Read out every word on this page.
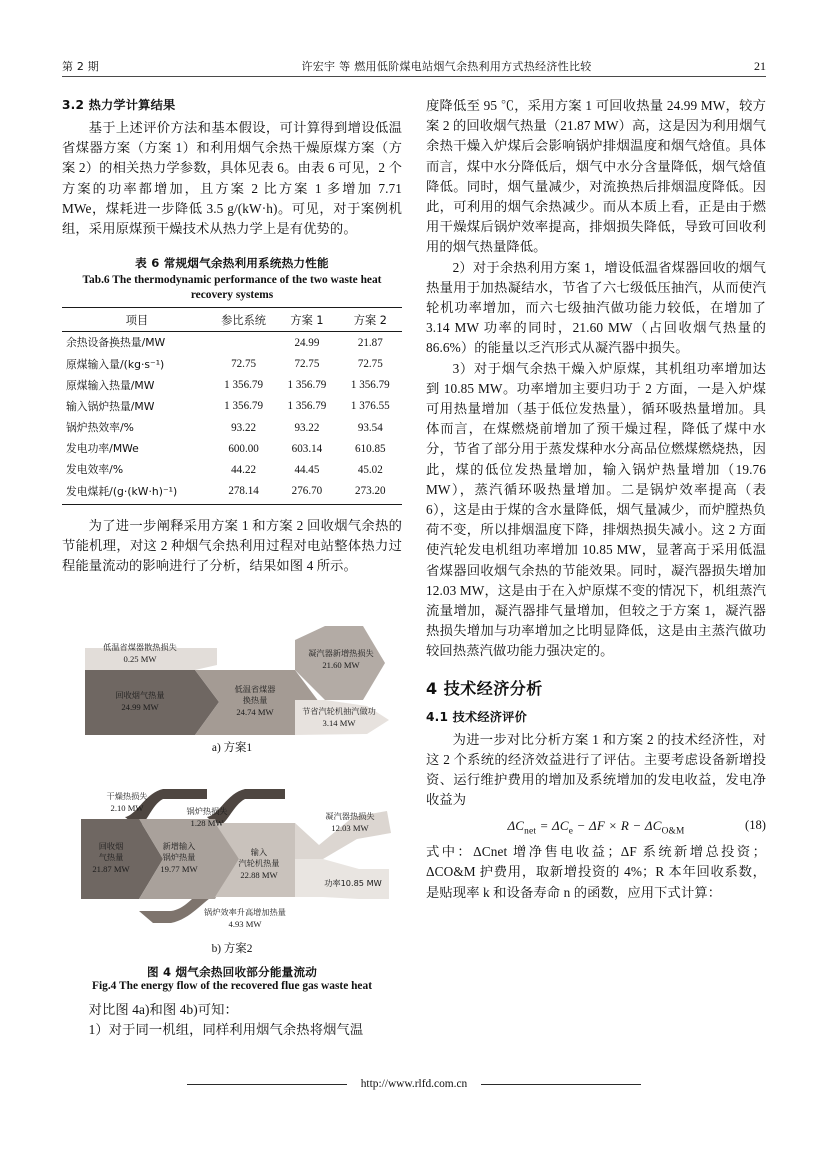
第 2 期	许宏宇 等 燃用低阶煤电站烟气余热利用方式热经济性比较	21
3.2 热力学计算结果

基于上述评价方法和基本假设，可计算得到增设低温省煤器方案（方案 1）和利用烟气余热干燥原煤方案（方案 2）的相关热力学参数，具体见表 6。由表 6 可见，2 个方案的功率都增加，且方案 2 比方案 1 多增加 7.71 MWe，煤耗进一步降低 3.5 g/(kW·h)。可见，对于案例机组，采用原煤预干燥技术从热力学上是有优势的。

表 6 常规烟气余热利用系统热力性能
Tab.6 The thermodynamic performance of the two waste heat recovery systems
项目	参比系统	方案 1	方案 2
余热设备换热量/MW		24.99	21.87
原煤输入量/(kg·s⁻¹)	72.75	72.75	72.75
原煤输入热量/MW	1 356.79	1 356.79	1 356.79
输入锅炉热量/MW	1 356.79	1 356.79	1 376.55
锅炉热效率/%	93.22	93.22	93.54
发电功率/MWe	600.00	603.14	610.85
发电效率/%	44.22	44.45	45.02
发电煤耗/(g·(kW·h)⁻¹)	278.14	276.70	273.20

为了进一步阐释采用方案 1 和方案 2 回收烟气余热的节能机理，对这 2 种烟气余热利用过程对电站整体热力过程能量流动的影响进行了分析，结果如图 4 所示。

低温省煤器散热损失
0.25 MW
回收烟气热量
24.99 MW
低温省煤器
换热量
24.74 MW
凝汽器新增热损失
21.60 MW
节省汽轮机抽汽做功
3.14 MW
a) 方案1
干燥热损失
2.10 MW	锅炉热损失
1.28 MW
回收烟
气热量
21.87 MW
新增输入
锅炉热量
19.77 MW
输入
汽轮机热量
22.88 MW
凝汽器热损失
12.03 MW
功率10.85 MW
锅炉效率升高增加热量
4.93 MW
b) 方案2
图 4 烟气余热回收部分能量流动
Fig.4 The energy flow of the recovered flue gas waste heat

对比图 4a)和图 4b)可知：

1）对于同一机组，同样利用烟气余热将烟气温

度降低至 95 ℃，采用方案 1 可回收热量 24.99 MW，较方案 2 的回收烟气热量（21.87 MW）高，这是因为利用烟气余热干燥入炉煤后会影响锅炉排烟温度和烟气焓值。具体而言，煤中水分降低后，烟气中水分含量降低，烟气焓值降低。同时，烟气量减少，对流换热后排烟温度降低。因此，可利用的烟气余热减少。而从本质上看，正是由于燃用干燥煤后锅炉效率提高，排烟损失降低，导致可回收利用的烟气热量降低。

2）对于余热利用方案 1，增设低温省煤器回收的烟气热量用于加热凝结水，节省了六七级低压抽汽，从而使汽轮机功率增加，而六七级抽汽做功能力较低，在增加了 3.14 MW 功率的同时，21.60 MW（占回收烟气热量的 86.6%）的能量以乏汽形式从凝汽器中损失。

3）对于烟气余热干燥入炉原煤，其机组功率增加达到 10.85 MW。功率增加主要归功于 2 方面，一是入炉煤可用热量增加（基于低位发热量），循环吸热量增加。具体而言，在煤燃烧前增加了预干燥过程，降低了煤中水分，节省了部分用于蒸发煤种水分高品位燃煤燃烧热，因此，煤的低位发热量增加，输入锅炉热量增加（19.76 MW），蒸汽循环吸热量增加。二是锅炉效率提高（表 6），这是由于煤的含水量降低，烟气量减少，而炉膛热负荷不变，所以排烟温度下降，排烟热损失减小。这 2 方面使汽轮发电机组功率增加 10.85 MW，显著高于采用低温省煤器回收烟气余热的节能效果。同时，凝汽器损失增加 12.03 MW，这是由于在入炉原煤不变的情况下，机组蒸汽流量增加，凝汽器排气量增加，但较之于方案 1，凝汽器热损失增加与功率增加之比明显降低，这是由主蒸汽做功较回热蒸汽做功能力强决定的。

4 技术经济分析
4.1 技术经济评价

为进一步对比分析方案 1 和方案 2 的技术经济性，对这 2 个系统的经济效益进行了评估。主要考虑设备新增投资、运行维护费用的增加及系统增加的发电收益，发电净收益为

$\Delta C_{net} = \Delta C_e - \Delta F \times R - \Delta C_{O\&M}$	(18)

式中：ΔCnet 增净售电收益；ΔF 系统新增总投资；ΔCO&M 护费用，取新增投资的 4%；R 本年回收系数，是贴现率 k 和设备寿命 n 的函数，应用下式计算：

http://www.rlfd.com.cn
